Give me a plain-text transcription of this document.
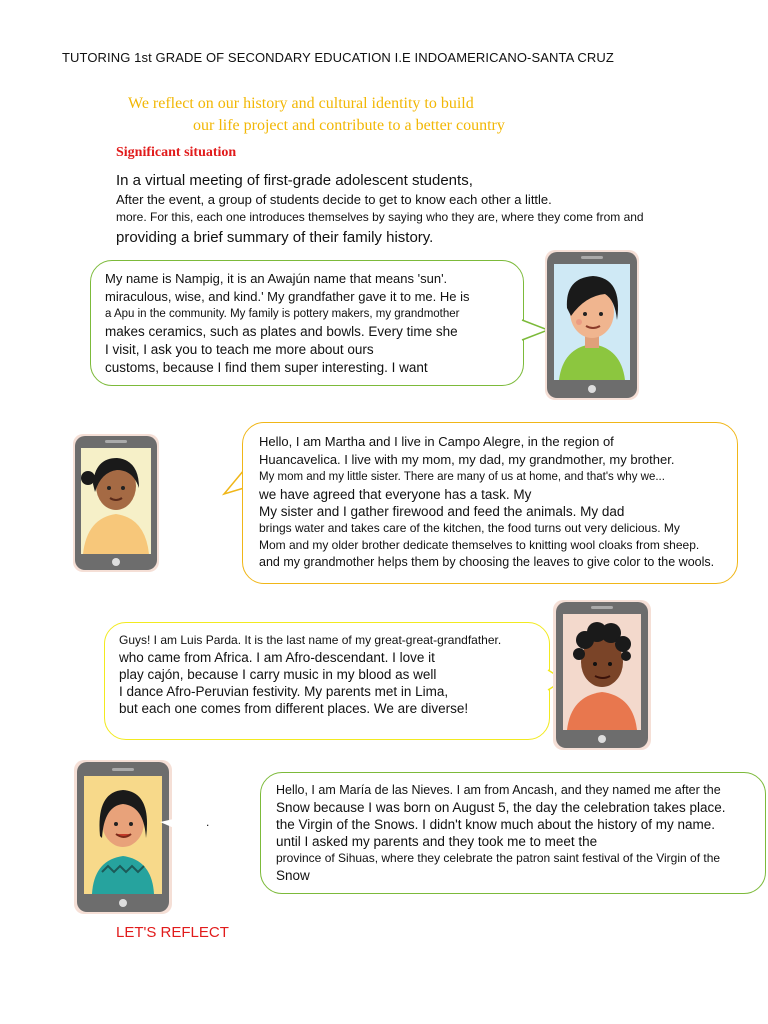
TUTORING 1st GRADE OF SECONDARY EDUCATION I.E INDOAMERICANO-SANTA CRUZ
We reflect on our history and cultural identity to build
our life project and contribute to a better country
Significant situation
In a virtual meeting of first-grade adolescent students,
After the event, a group of students decide to get to know each other a little.
more. For this, each one introduces themselves by saying who they are, where they come from and
providing a brief summary of their family history.

My name is Nampig, it is an Awajún name that means 'sun'.

miraculous, wise, and kind.' My grandfather gave it to me. He is

a Apu in the community. My family is pottery makers, my grandmother

makes ceramics, such as plates and bowls. Every time she

I visit, I ask you to teach me more about ours

customs, because I find them super interesting. I want

Hello, I am Martha and I live in Campo Alegre, in the region of

Huancavelica. I live with my mom, my dad, my grandmother, my brother.

My mom and my little sister. There are many of us at home, and that's why we...

we have agreed that everyone has a task. My

My sister and I gather firewood and feed the animals. My dad

brings water and takes care of the kitchen, the food turns out very delicious. My

Mom and my older brother dedicate themselves to knitting wool cloaks from sheep.

and my grandmother helps them by choosing the leaves to give color to the wools.

Guys! I am Luis Parda. It is the last name of my great-great-grandfather.

who came from Africa. I am Afro-descendant. I love it

play cajón, because I carry music in my blood as well

I dance Afro-Peruvian festivity. My parents met in Lima,

but each one comes from different places. We are diverse!

.

Hello, I am María de las Nieves. I am from Ancash, and they named me after the

Snow because I was born on August 5, the day the celebration takes place.

the Virgin of the Snows. I didn't know much about the history of my name.

until I asked my parents and they took me to meet the

province of Sihuas, where they celebrate the patron saint festival of the Virgin of the

Snow

LET'S REFLECT
